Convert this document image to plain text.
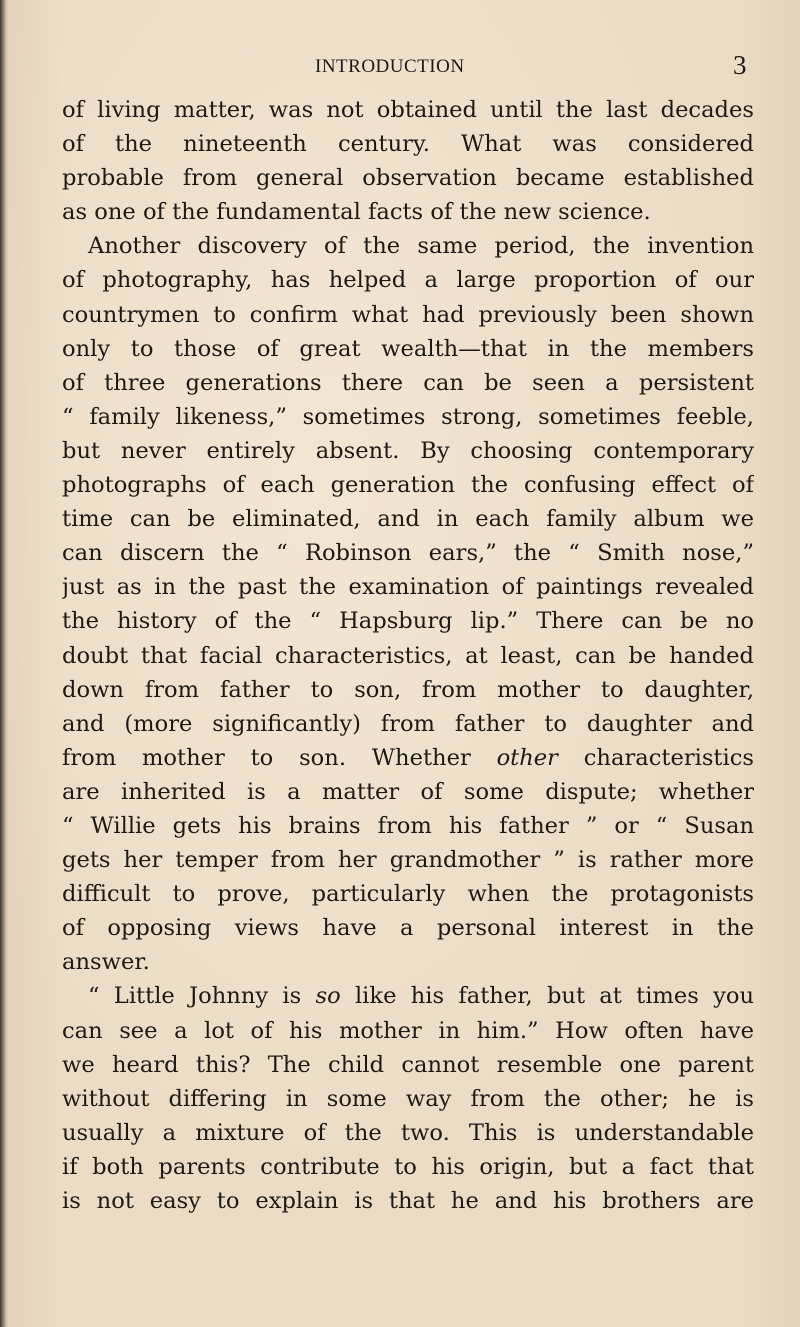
INTRODUCTION	3
of living matter, was not obtained until the last decades
of the nineteenth century. What was considered
probable from general observation became established
as one of the fundamental facts of the new science.
Another discovery of the same period, the invention
of photography, has helped a large proportion of our
countrymen to confirm what had previously been shown
only to those of great wealth—that in the members
of three generations there can be seen a persistent
“ family likeness,” sometimes strong, sometimes feeble,
but never entirely absent. By choosing contemporary
photographs of each generation the confusing effect of
time can be eliminated, and in each family album we
can discern the “ Robinson ears,” the “ Smith nose,”
just as in the past the examination of paintings revealed
the history of the “ Hapsburg lip.” There can be no
doubt that facial characteristics, at least, can be handed
down from father to son, from mother to daughter,
and (more significantly) from father to daughter and
from mother to son. Whether other characteristics
are inherited is a matter of some dispute; whether
“ Willie gets his brains from his father ” or “ Susan
gets her temper from her grandmother ” is rather more
difficult to prove, particularly when the protagonists
of opposing views have a personal interest in the
answer.
“ Little Johnny is so like his father, but at times you
can see a lot of his mother in him.” How often have
we heard this? The child cannot resemble one parent
without differing in some way from the other; he is
usually a mixture of the two. This is understandable
if both parents contribute to his origin, but a fact that
is not easy to explain is that he and his brothers are
